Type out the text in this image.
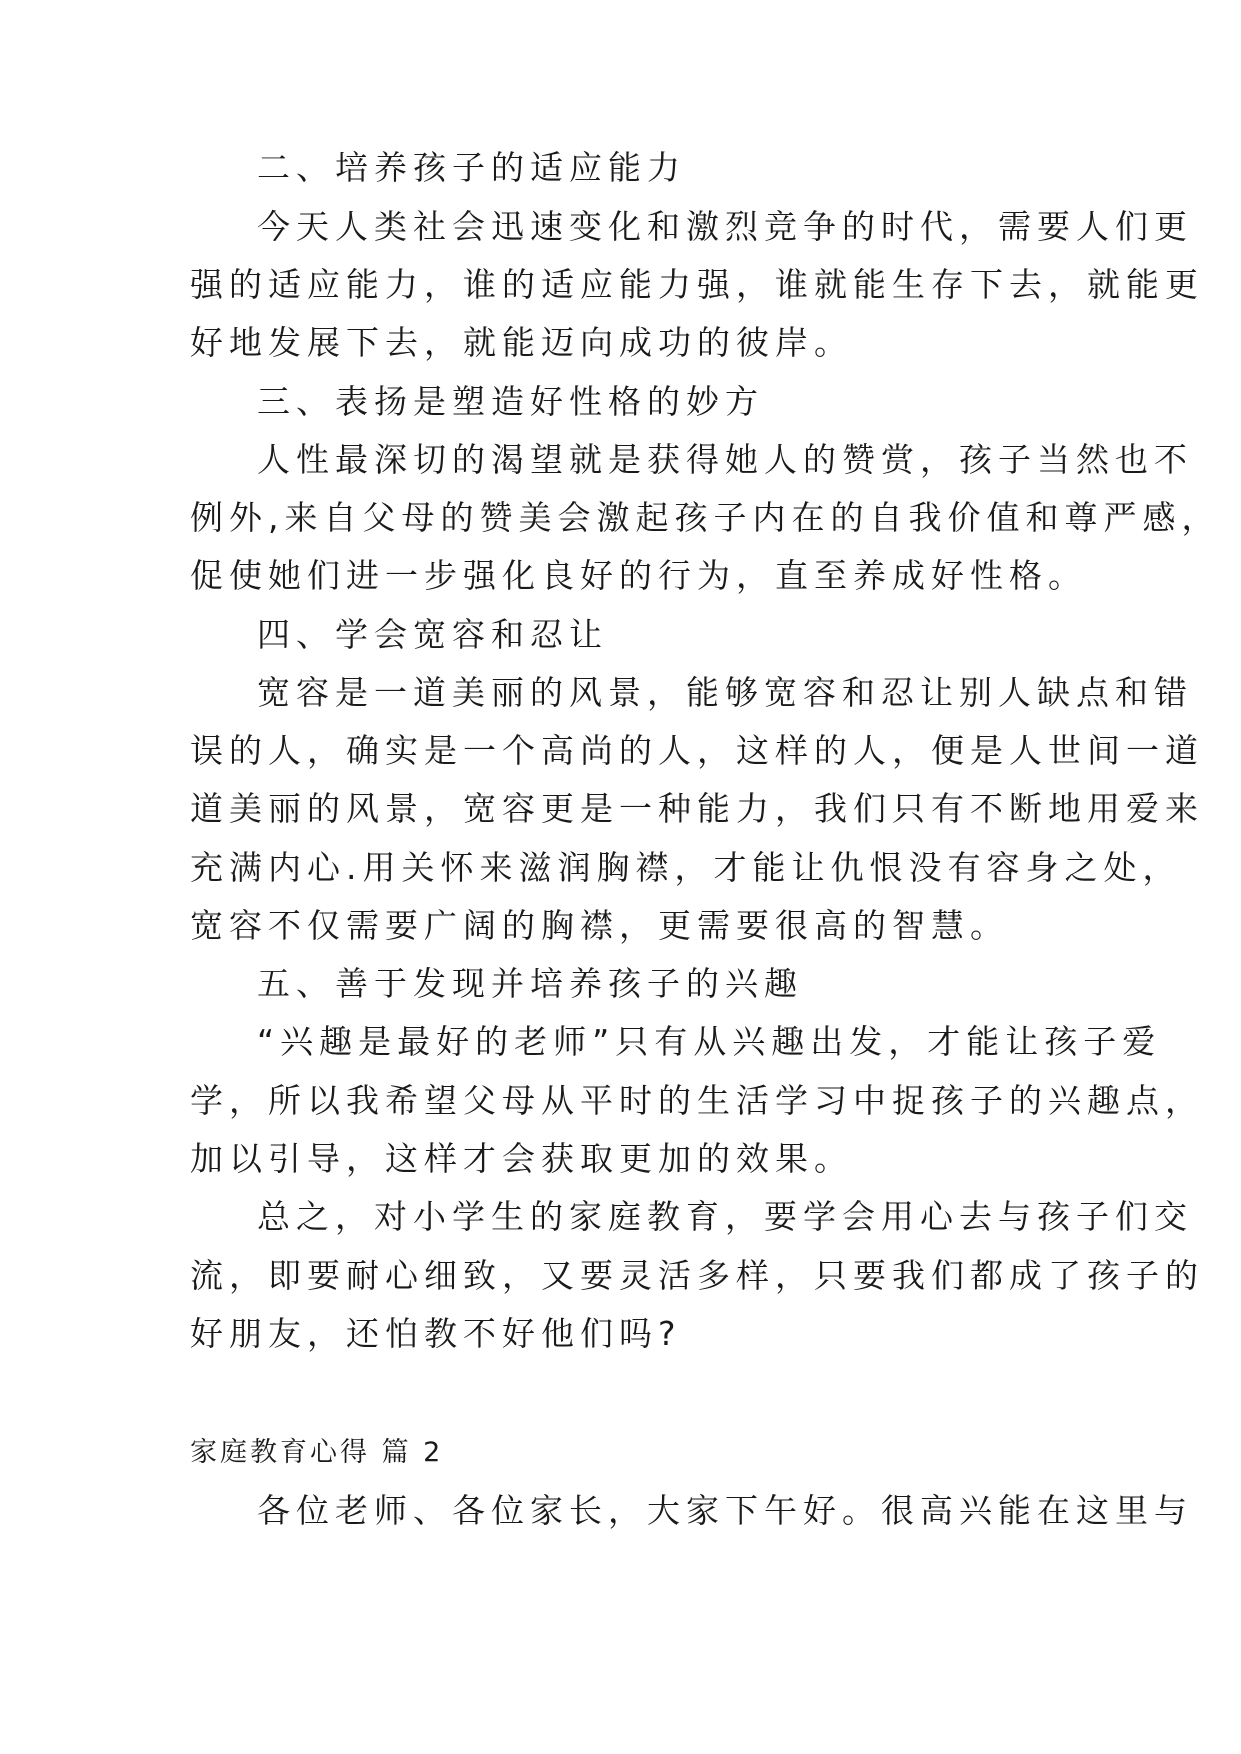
二、培养孩子的适应能力
今天人类社会迅速变化和激烈竞争的时代，需要人们更
强的适应能力，谁的适应能力强，谁就能生存下去，就能更
好地发展下去，就能迈向成功的彼岸。
三、表扬是塑造好性格的妙方
人性最深切的渴望就是获得她人的赞赏，孩子当然也不
例外,来自父母的赞美会激起孩子内在的自我价值和尊严感，
促使她们进一步强化良好的行为，直至养成好性格。
四、学会宽容和忍让
宽容是一道美丽的风景，能够宽容和忍让别人缺点和错
误的人，确实是一个高尚的人，这样的人，便是人世间一道
道美丽的风景，宽容更是一种能力，我们只有不断地用爱来
充满内心.用关怀来滋润胸襟，才能让仇恨没有容身之处，
宽容不仅需要广阔的胸襟，更需要很高的智慧。
五、善于发现并培养孩子的兴趣
“兴趣是最好的老师”只有从兴趣出发，才能让孩子爱
学，所以我希望父母从平时的生活学习中捉孩子的兴趣点，
加以引导，这样才会获取更加的效果。
总之，对小学生的家庭教育，要学会用心去与孩子们交
流，即要耐心细致，又要灵活多样，只要我们都成了孩子的
好朋友，还怕教不好他们吗?
家庭教育心得 篇 2
各位老师、各位家长，大家下午好。很高兴能在这里与
